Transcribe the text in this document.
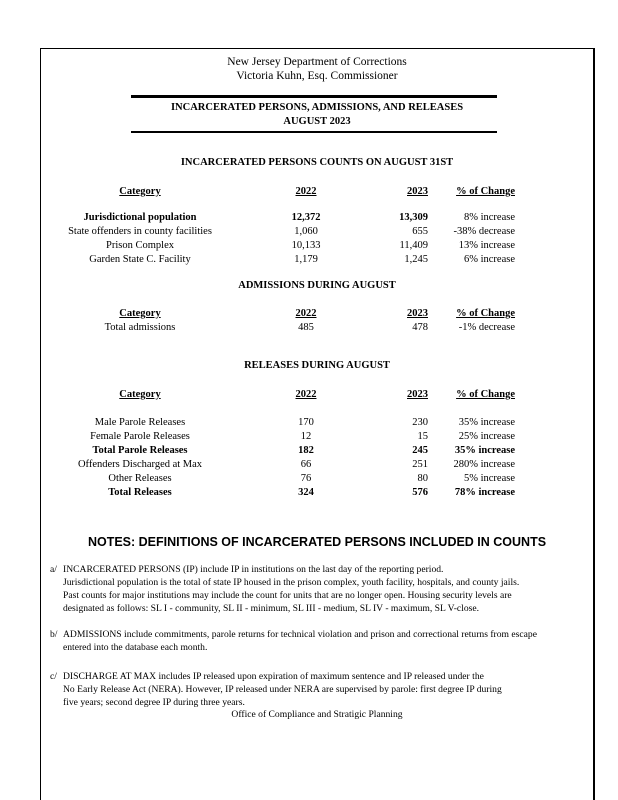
New Jersey Department of Corrections
Victoria Kuhn, Esq. Commissioner
INCARCERATED PERSONS, ADMISSIONS, AND RELEASES
AUGUST 2023
INCARCERATED PERSONS COUNTS ON AUGUST 31ST
Category	2022	2023	% of Change
Jurisdictional population	12,372	13,309	8% increase
State offenders in county facilities	1,060	655	-38% decrease
Prison Complex	10,133	11,409	13% increase
Garden State C. Facility	1,179	1,245	6% increase
ADMISSIONS DURING AUGUST
Category	2022	2023	% of Change
Total admissions	485	478	-1% decrease
RELEASES DURING AUGUST
Category	2022	2023	% of Change
Male Parole Releases	170	230	35% increase
Female Parole Releases	12	15	25% increase
Total Parole Releases	182	245	35% increase
Offenders Discharged at Max	66	251	280% increase
Other Releases	76	80	5% increase
Total Releases	324	576	78% increase
NOTES: DEFINITIONS OF INCARCERATED PERSONS INCLUDED IN COUNTS
a/ INCARCERATED PERSONS (IP) include IP in institutions on the last day of the reporting period.
Jurisdictional population is the total of state IP housed in the prison complex, youth facility, hospitals, and county jails.
Past counts for major institutions may include the count for units that are no longer open. Housing security levels are
designated as follows: SL I - community, SL II - minimum, SL III - medium, SL IV - maximum, SL V-close.
b/ ADMISSIONS include commitments, parole returns for technical violation and prison and correctional returns from escape
entered into the database each month.
c/ DISCHARGE AT MAX includes IP released upon expiration of maximum sentence and IP released under the
No Early Release Act (NERA). However, IP released under NERA are supervised by parole: first degree IP during
five years; second degree IP during three years.
Office of Compliance and Stratigic Planning
